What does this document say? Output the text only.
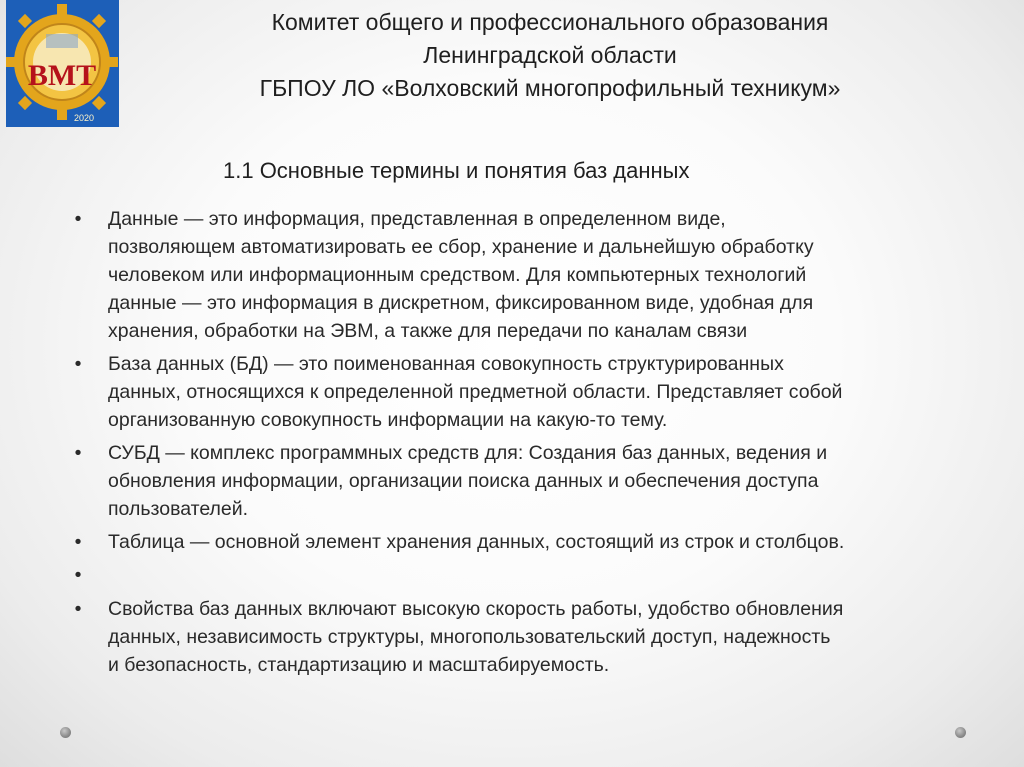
ВМТ
2020
Комитет общего и профессионального образования
Ленинградской области
ГБПОУ ЛО «Волховский многопрофильный техникум»
1.1 Основные термины и понятия баз данных
•	Данные — это информация, представленная в определенном виде,
позволяющем автоматизировать ее сбор, хранение и дальнейшую обработку
человеком или информационным средством. Для компьютерных технологий
данные — это информация в дискретном, фиксированном виде, удобная для
хранения, обработки на ЭВМ, а также для передачи по каналам связи
•	База данных (БД) — это поименованная совокупность структурированных
данных, относящихся к определенной предметной области. Представляет собой
организованную совокупность информации на какую-то тему.
•	СУБД — комплекс программных средств для: Создания баз данных, ведения и
обновления информации, организации поиска данных и обеспечения доступа
пользователей.
•	Таблица — основной элемент хранения данных, состоящий из строк и столбцов.
•
•	Свойства баз данных включают высокую скорость работы, удобство обновления
данных, независимость структуры, многопользовательский доступ, надежность
и безопасность, стандартизацию и масштабируемость.
